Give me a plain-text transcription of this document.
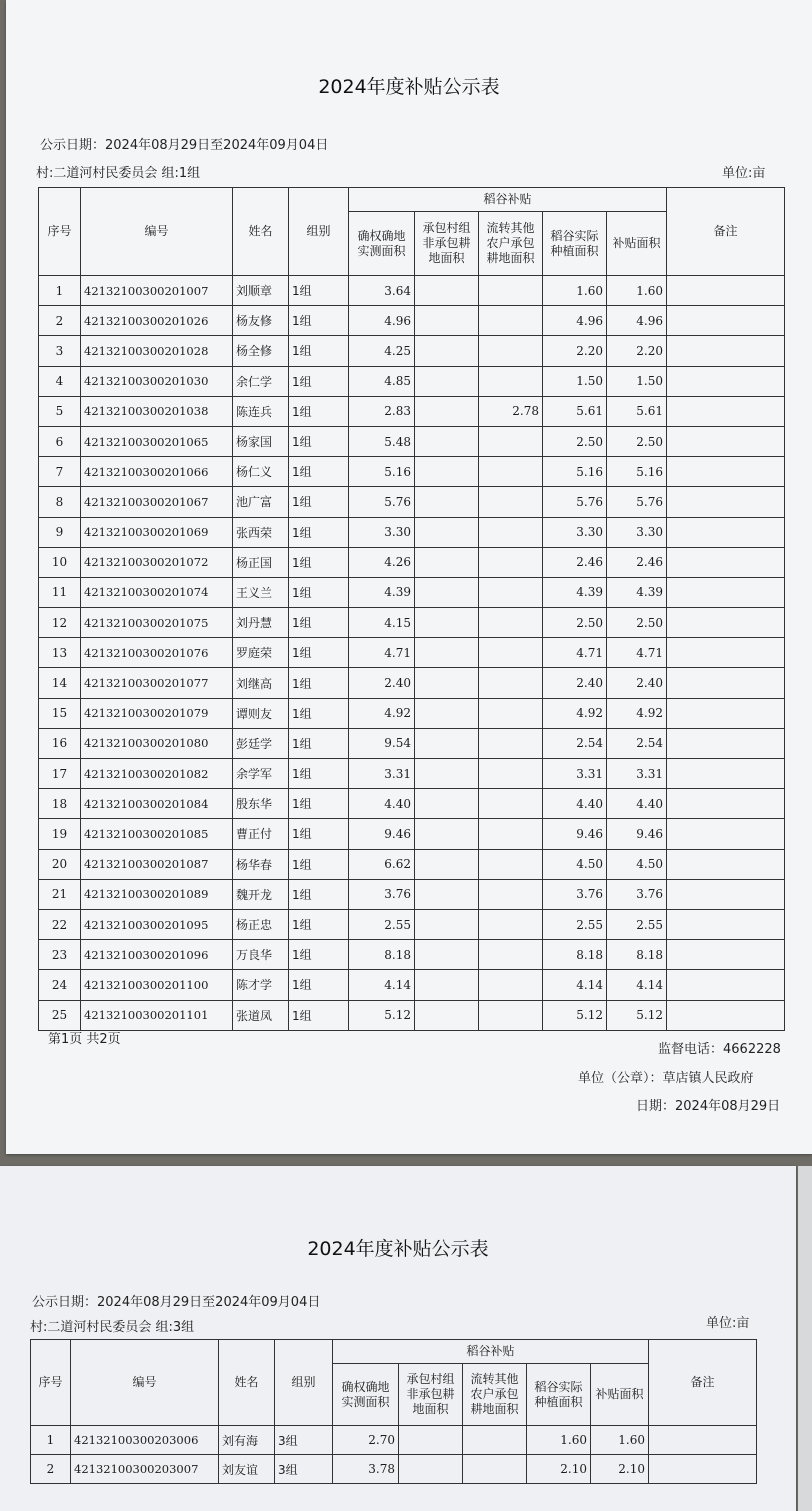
2024年度补贴公示表
公示日期：2024年08月29日至2024年09月04日
村:二道河村民委员会 组:1组	单位:亩
序号	编号	姓名	组别	稻谷补贴					备注
				确权确地实测面积	承包村组非承包耕地面积	流转其他农户承包耕地面积	稻谷实际种植面积	补贴面积	
1	42132100300201007	刘顺章	1组	3.64			1.60	1.60	
2	42132100300201026	杨友修	1组	4.96			4.96	4.96	
3	42132100300201028	杨全修	1组	4.25			2.20	2.20	
4	42132100300201030	余仁学	1组	4.85			1.50	1.50	
5	42132100300201038	陈连兵	1组	2.83		2.78	5.61	5.61	
6	42132100300201065	杨家国	1组	5.48			2.50	2.50	
7	42132100300201066	杨仁义	1组	5.16			5.16	5.16	
8	42132100300201067	池广富	1组	5.76			5.76	5.76	
9	42132100300201069	张西荣	1组	3.30			3.30	3.30	
10	42132100300201072	杨正国	1组	4.26			2.46	2.46	
11	42132100300201074	王义兰	1组	4.39			4.39	4.39	
12	42132100300201075	刘丹慧	1组	4.15			2.50	2.50	
13	42132100300201076	罗庭荣	1组	4.71			4.71	4.71	
14	42132100300201077	刘继高	1组	2.40			2.40	2.40	
15	42132100300201079	谭则友	1组	4.92			4.92	4.92	
16	42132100300201080	彭廷学	1组	9.54			2.54	2.54	
17	42132100300201082	余学军	1组	3.31			3.31	3.31	
18	42132100300201084	殷东华	1组	4.40			4.40	4.40	
19	42132100300201085	曹正付	1组	9.46			9.46	9.46	
20	42132100300201087	杨华春	1组	6.62			4.50	4.50	
21	42132100300201089	魏开龙	1组	3.76			3.76	3.76	
22	42132100300201095	杨正忠	1组	2.55			2.55	2.55	
23	42132100300201096	万良华	1组	8.18			8.18	8.18	
24	42132100300201100	陈才学	1组	4.14			4.14	4.14	
25	42132100300201101	张道凤	1组	5.12			5.12	5.12	
第1页 共2页
监督电话：4662228
单位（公章）：草店镇人民政府
日期：2024年08月29日
2024年度补贴公示表
公示日期：2024年08月29日至2024年09月04日
村:二道河村民委员会 组:3组	单位:亩
序号	编号	姓名	组别	稻谷补贴					备注
				确权确地实测面积	承包村组非承包耕地面积	流转其他农户承包耕地面积	稻谷实际种植面积	补贴面积	
1	42132100300203006	刘有海	3组	2.70			1.60	1.60	
2	42132100300203007	刘友谊	3组	3.78			2.10	2.10	
